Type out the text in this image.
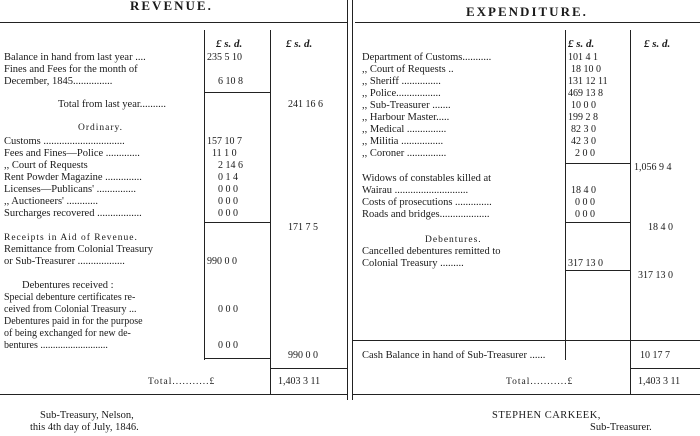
REVENUE.	EXPENDITURE.
£ s. d.	£ s. d.
Balance in hand from last year ....	235 5 10
Fines and Fees for the month of
December, 1845...............	6 10 8
Total from last year..........	241 16 6
Ordinary.
Customs ...............................	157 10 7
Fees and Fines—Police .............	11 1 0
,, Court of Requests	2 14 6
Rent Powder Magazine ..............	0 1 4
Licenses—Publicans' ...............	0 0 0
,, Auctioneers' ............	0 0 0
Surcharges recovered .................	0 0 0
171 7 5
Receipts in Aid of Revenue.
Remittance from Colonial Treasury
or Sub-Treasurer ..................	990 0 0
Debentures received :
Special debenture certificates re-
ceived from Colonial Treasury ...	0 0 0
Debentures paid in for the purpose
of being exchanged for new de-
bentures ...........................	0 0 0
990 0 0
Total...........£	1,403 3 11
£ s. d.	£ s. d.
Department of Customs...........	101 4 1
,, Court of Requests ..	18 10 0
,, Sheriff ...............	131 12 11
,, Police.................	469 13 8
,, Sub-Treasurer .......	10 0 0
,, Harbour Master.....	199 2 8
,, Medical ...............	82 3 0
,, Militia ................	42 3 0
,, Coroner ...............	2 0 0
1,056 9 4
Widows of constables killed at
Wairau ............................	18 4 0
Costs of prosecutions ..............	0 0 0
Roads and bridges...................	0 0 0
18 4 0
Debentures.
Cancelled debentures remitted to
Colonial Treasury .........	317 13 0
317 13 0
Cash Balance in hand of Sub-Treasurer ......	10 17 7
Total...........£	1,403 3 11
Sub-Treasury, Nelson,
this 4th day of July, 1846.
STEPHEN CARKEEK,
Sub-Treasurer.
